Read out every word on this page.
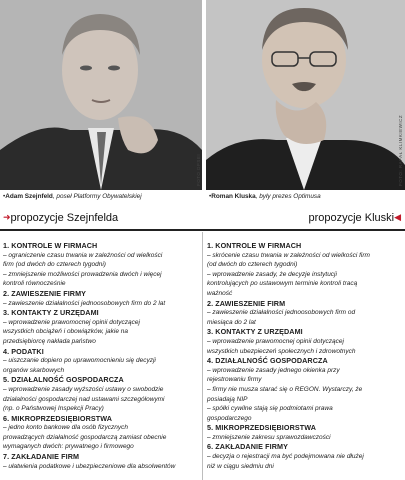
FOTO DPSEI	FOTO: RAFAŁ KLIMKIEWICZ
•Adam Szejnfeld, poseł Platformy Obywatelskiej	•Roman Kluska, były prezes Optimusa
➜propozycje Szejnfelda	propozycje Kluski◀
1. KONTROLE W FIRMACH
– ograniczenie czasu trwania w zależności od wielkości
firm (od dwóch do czterech tygodni)
– zmniejszenie możliwości prowadzenia dwóch i więcej
kontroli równocześnie
2. ZAWIESZENIE FIRMY
– zawieszenie działalności jednoosobowych firm do 2 lat
3. KONTAKTY Z URZĘDAMI
– wprowadzenie prawomocnej opinii dotyczącej
wszystkich obciążeń i obowiązków, jakie na
przedsiębiorcę nakłada państwo
4. PODATKI
– uiszczanie dopiero po uprawomocnieniu się decyzji
organów skarbowych
5. DZIAŁALNOŚĆ GOSPODARCZA
– wprowadzenie zasady wyższości ustawy o swobodzie
działalności gospodarczej nad ustawami szczegółowymi
(np. o Państwowej Inspekcji Pracy)
6. MIKROPRZEDSIĘBIORSTWA
– jedno konto bankowe dla osób fizycznych
prowadzących działalność gospodarczą zamiast obecnie
wymaganych dwóch: prywatnego i firmowego
7. ZAKŁADANIE FIRM
– ułatwienia podatkowe i ubezpieczeniowe dla absolwentów
1. KONTROLE W FIRMACH
– skrócenie czasu trwania w zależności od wielkości firm
(od dwóch do czterech tygodni)
– wprowadzenie zasady, że decyzje instytucji
kontrolujących po ustawowym terminie kontroli tracą
ważność
2. ZAWIESZENIE FIRM
– zawieszenie działalności jednoosobowych firm od
miesiąca do 2 lat
3. KONTAKTY Z URZĘDAMI
– wprowadzenie prawomocnej opinii dotyczącej
wszystkich ubezpieczeń społecznych i zdrowotnych
4. DZIAŁALNOŚĆ GOSPODARCZA
– wprowadzenie zasady jednego okienka przy
rejestrowaniu firmy
– firmy nie musza starać się o REGON. Wystarczy, że
posiadają NIP
– spółki cywilne stają się podmiotami prawa
gospodarczego
5. MIKROPRZEDSIĘBIORSTWA
– zmniejszenie zakresu sprawozdawczości
6. ZAKŁADANIE FIRMY
– decyzja o rejestracji ma być podejmowana nie dłużej
niż w ciągu siedmiu dni
